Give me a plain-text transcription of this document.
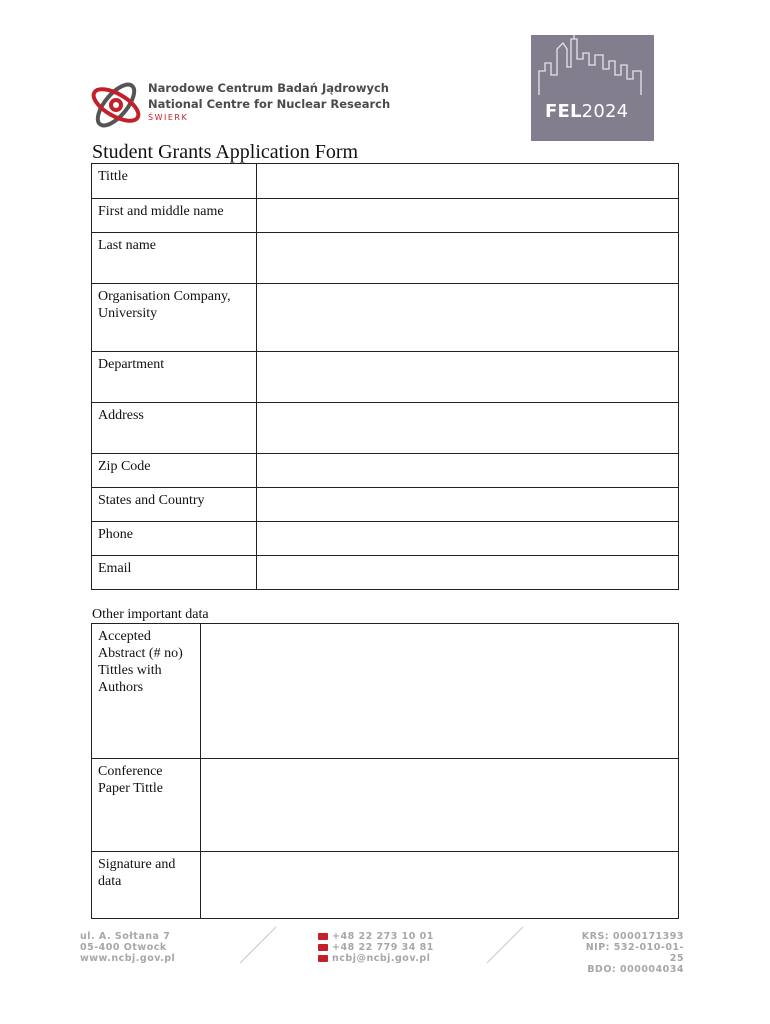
Narodowe Centrum Badań Jądrowych
National Centre for Nuclear Research
ŚWIERK	FEL2024
Student Grants Application Form
Tittle	
First and middle name	
Last name	
Organisation Company, University	
Department	
Address	
Zip Code	
States and Country	
Phone	
Email	
Other important data
Accepted Abstract (# no) Tittles with Authors	
Conference Paper Tittle	
Signature and data	
ul. A. Sołtana 7
05-400 Otwock
www.ncbj.gov.pl
+48 22 273 10 01
+48 22 779 34 81
ncbj@ncbj.gov.pl
KRS: 0000171393
NIP: 532-010-01-25
BDO: 000004034
